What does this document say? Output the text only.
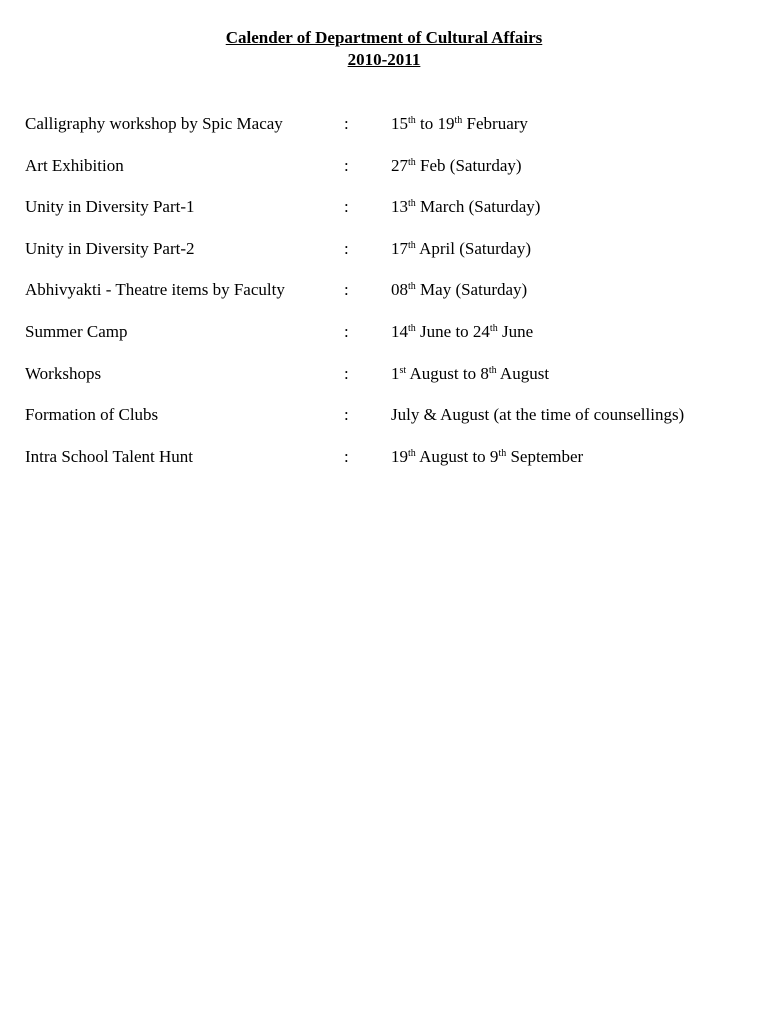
Calender of Department of Cultural Affairs
2010-2011
Calligraphy workshop by Spic Macay	: 15th to 19th February
Art Exhibition	: 27th Feb (Saturday)
Unity in Diversity Part-1	: 13th March (Saturday)
Unity in Diversity Part-2	: 17th April (Saturday)
Abhivyakti - Theatre items by Faculty	: 08th May (Saturday)
Summer Camp	: 14th June to 24th June
Workshops	: 1st August to 8th August
Formation of Clubs	: July & August (at the time of counsellings)
Intra School Talent Hunt	: 19th August to 9th September
